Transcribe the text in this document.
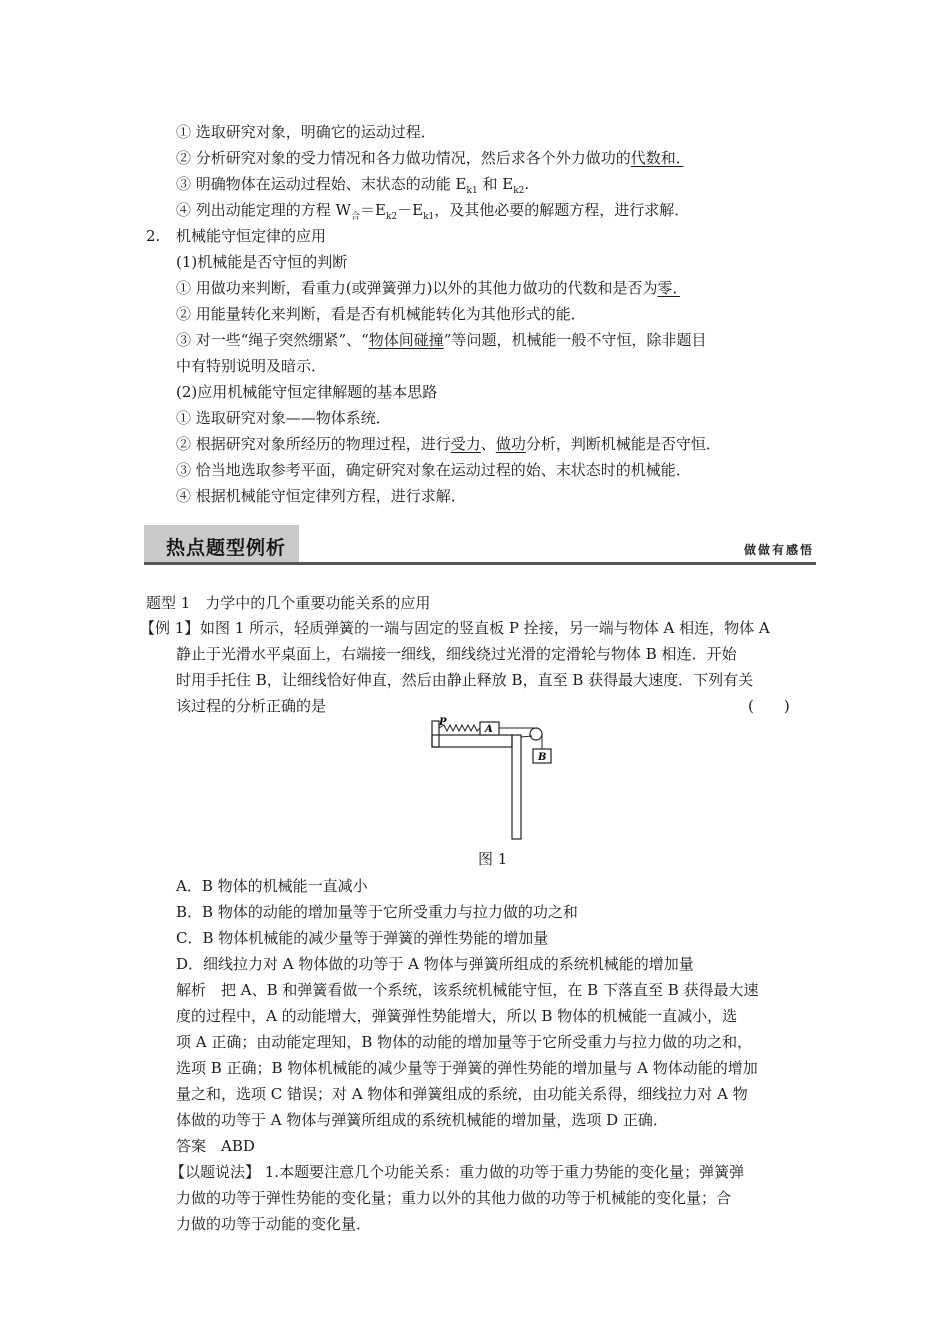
① 选取研究对象，明确它的运动过程．
② 分析研究对象的受力情况和各力做功情况，然后求各个外力做功的代数和．　　
③ 明确物体在运动过程始、末状态的动能 $E_{k1}$ 和 $E_{k2}$.
④ 列出动能定理的方程 $W_合=E_{k2}-E_{k1}$，及其他必要的解题方程，进行求解．
2. 机械能守恒定律的应用
(1)机械能是否守恒的判断
① 用做功来判断，看重力(或弹簧弹力)以外的其他力做功的代数和是否为零．　
② 用能量转化来判断，看是否有机械能转化为其他形式的能．
③ 对一些“绳子突然绷紧”、“物体间碰撞”等问题，机械能一般不守恒，除非题目
中有特别说明及暗示．
(2)应用机械能守恒定律解题的基本思路
① 选取研究对象——物体系统．
② 根据研究对象所经历的物理过程，进行受力、做功分析，判断机械能是否守恒．
③ 恰当地选取参考平面，确定研究对象在运动过程的始、末状态时的机械能．
④ 根据机械能守恒定律列方程，进行求解．
热点题型例析	做做有感悟
题型 1　力学中的几个重要功能关系的应用
【例 1】 如图 1 所示，轻质弹簧的一端与固定的竖直板 P 拴接，另一端与物体 A 相连，物体 A
静止于光滑水平桌面上，右端接一细线，细线绕过光滑的定滑轮与物体 B 相连．开始
时用手托住 B，让细线恰好伸直，然后由静止释放 B，直至 B 获得最大速度．下列有关
该过程的分析正确的是	(　　)
P
A
B
图 1
A．B 物体的机械能一直减小
B．B 物体的动能的增加量等于它所受重力与拉力做的功之和
C．B 物体机械能的减少量等于弹簧的弹性势能的增加量
D．细线拉力对 A 物体做的功等于 A 物体与弹簧所组成的系统机械能的增加量
解析　把 A、B 和弹簧看做一个系统，该系统机械能守恒，在 B 下落直至 B 获得最大速
度的过程中，A 的动能增大，弹簧弹性势能增大，所以 B 物体的机械能一直减小，选
项 A 正确；由动能定理知，B 物体的动能的增加量等于它所受重力与拉力做的功之和，
选项 B 正确；B 物体机械能的减少量等于弹簧的弹性势能的增加量与 A 物体动能的增加
量之和，选项 C 错误；对 A 物体和弹簧组成的系统，由功能关系得，细线拉力对 A 物
体做的功等于 A 物体与弹簧所组成的系统机械能的增加量，选项 D 正确．
答案　ABD
【以题说法】 1.本题要注意几个功能关系：重力做的功等于重力势能的变化量；弹簧弹
力做的功等于弹性势能的变化量；重力以外的其他力做的功等于机械能的变化量；合
力做的功等于动能的变化量．
